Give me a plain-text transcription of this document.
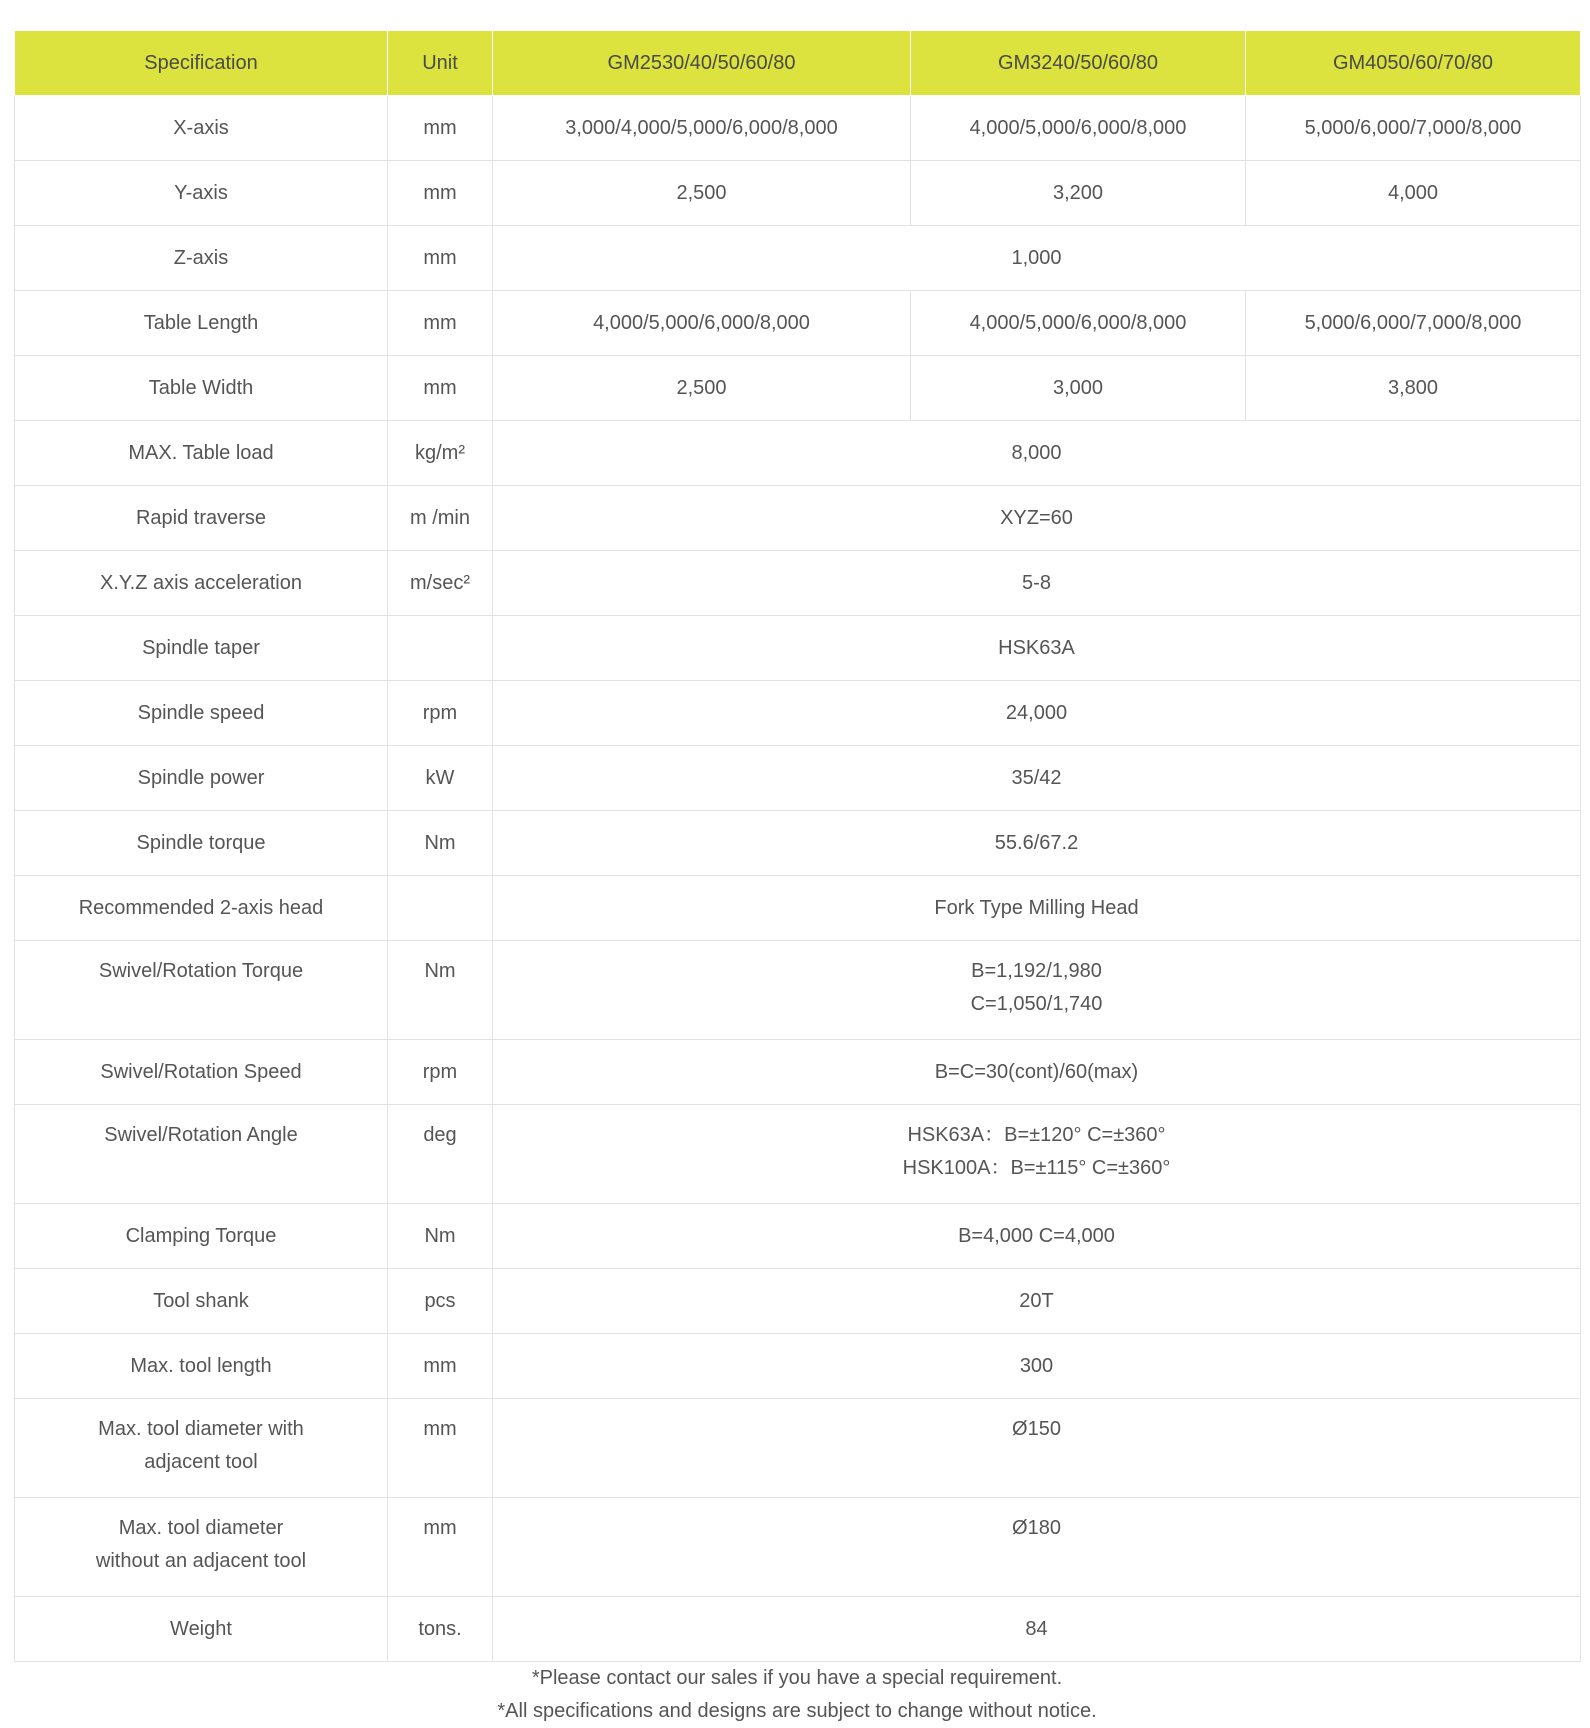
Specification	Unit	GM2530/40/50/60/80	GM3240/50/60/80	GM4050/60/70/80
X-axis	mm	3,000/4,000/5,000/6,000/8,000	4,000/5,000/6,000/8,000	5,000/6,000/7,000/8,000
Y-axis	mm	2,500	3,200	4,000
Z-axis	mm	1,000		
Table Length	mm	4,000/5,000/6,000/8,000	4,000/5,000/6,000/8,000	5,000/6,000/7,000/8,000
Table Width	mm	2,500	3,000	3,800
MAX. Table load	kg/m²	8,000		
Rapid traverse	m /min	XYZ=60		
X.Y.Z axis acceleration	m/sec²	5-8		
Spindle taper		HSK63A		
Spindle speed	rpm	24,000		
Spindle power	kW	35/42		
Spindle torque	Nm	55.6/67.2		
Recommended 2-axis head		Fork Type Milling Head		
Swivel/Rotation Torque	Nm	B=1,192/1,980
C=1,050/1,740		

Swivel/Rotation Speed	rpm	B=C=30(cont)/60(max)		
Swivel/Rotation Angle	deg	HSK63A：B=±120° C=±360°
HSK100A：B=±115° C=±360°		

Clamping Torque	Nm	B=4,000 C=4,000		
Tool shank	pcs	20T		
Max. tool length	mm	300		

Max. tool diameter with
adjacent tool	mm	Ø150		

Max. tool diameter
without an adjacent tool	mm	Ø180		
Weight	tons.	84		
*Please contact our sales if you have a special requirement.
*All specifications and designs are subject to change without notice.
